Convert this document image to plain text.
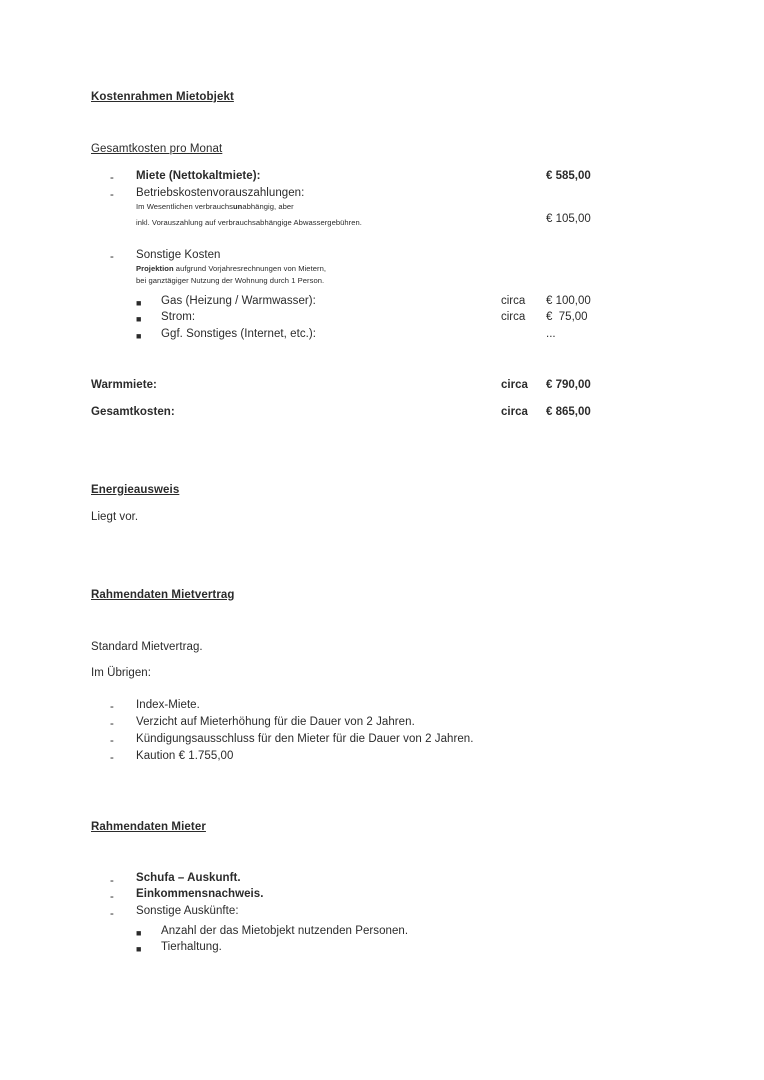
Kostenrahmen Mietobjekt
Gesamtkosten pro Monat
- Miete (Nettokaltmiete):	€ 585,00
- Betriebskostenvorauszahlungen:
Im Wesentlichen verbrauchsunabhängig, aber
inkl. Vorauszahlung auf verbrauchsabhängige Abwassergebühren.	€ 105,00
- Sonstige Kosten
Projektion aufgrund Vorjahresrechnungen von Mietern,
bei ganztägiger Nutzung der Wohnung durch 1 Person.
■ Gas (Heizung / Warmwasser):	circa € 100,00
■ Strom:	circa €  75,00
■ Ggf. Sonstiges (Internet, etc.):	...
Warmmiete:	circa € 790,00
Gesamtkosten:	circa € 865,00
Energieausweis
Liegt vor.
Rahmendaten Mietvertrag
Standard Mietvertrag.
Im Übrigen:
- Index-Miete.
- Verzicht auf Mieterhöhung für die Dauer von 2 Jahren.
- Kündigungsausschluss für den Mieter für die Dauer von 2 Jahren.
- Kaution € 1.755,00
Rahmendaten Mieter
- Schufa – Auskunft.
- Einkommensnachweis.
- Sonstige Auskünfte:
■ Anzahl der das Mietobjekt nutzenden Personen.
■ Tierhaltung.
